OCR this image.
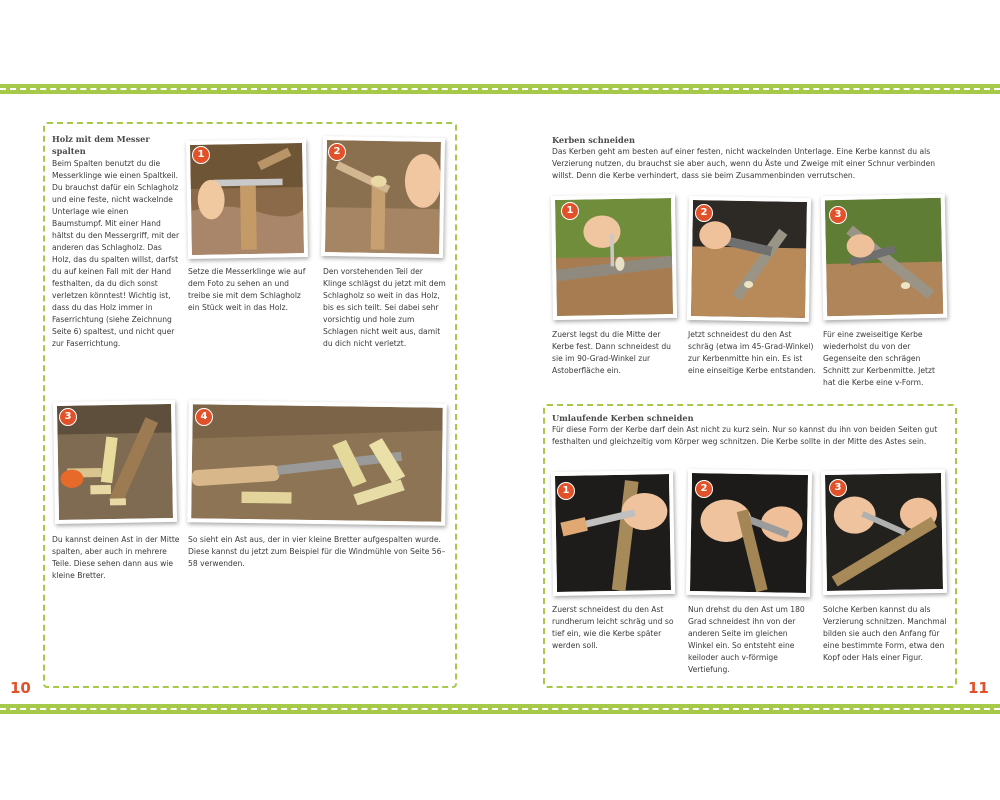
Holz mit dem Messer spalten

Beim Spalten benutzt du die Messerklinge wie einen Spaltkeil. Du brauchst dafür ein Schlagholz und eine feste, nicht wackelnde Unterlage wie einen Baumstumpf. Mit einer Hand hältst du den Messergriff, mit der anderen das Schlagholz. Das Holz, das du spalten willst, darfst du auf keinen Fall mit der Hand festhalten, da du dich sonst verletzen könntest! Wichtig ist, dass du das Holz immer in Faserrichtung (siehe Zeichnung Seite 6) spaltest, und nicht quer zur Faserrichtung.

1

Setze die Messerklinge wie auf dem Foto zu sehen an und treibe sie mit dem Schlagholz ein Stück weit in das Holz.

2

Den vorstehenden Teil der Klinge schlägst du jetzt mit dem Schlagholz so weit in das Holz, bis es sich teilt. Sei dabei sehr vorsichtig und hole zum Schlagen nicht weit aus, damit du dich nicht verletzt.

3

Du kannst deinen Ast in der Mitte spalten, aber auch in mehrere Teile. Diese sehen dann aus wie kleine Bretter.

4

So sieht ein Ast aus, der in vier kleine Bretter aufgespalten wurde. Diese kannst du jetzt zum Beispiel für die Windmühle von Seite 56–58 verwenden.

10
Kerben schneiden

Das Kerben geht am besten auf einer festen, nicht wackelnden Unterlage. Eine Kerbe kannst du als Verzierung nutzen, du brauchst sie aber auch, wenn du Äste und Zweige mit einer Schnur verbinden willst. Denn die Kerbe verhindert, dass sie beim Zusammenbinden verrutschen.

1

Zuerst legst du die Mitte der Kerbe fest. Dann schneidest du sie im 90-Grad-Winkel zur Astoberfläche ein.

2

Jetzt schneidest du den Ast schräg (etwa im 45-Grad-Winkel) zur Kerbenmitte hin ein. Es ist eine einseitige Kerbe entstanden.

3

Für eine zweiseitige Kerbe wiederholst du von der Gegenseite den schrägen Schnitt zur Kerbenmitte. Jetzt hat die Kerbe eine v-Form.

Umlaufende Kerben schneiden

Für diese Form der Kerbe darf dein Ast nicht zu kurz sein. Nur so kannst du ihn von beiden Seiten gut festhalten und gleichzeitig vom Körper weg schnitzen. Die Kerbe sollte in der Mitte des Astes sein.

1

Zuerst schneidest du den Ast rundherum leicht schräg und so tief ein, wie die Kerbe später werden soll.

2

Nun drehst du den Ast um 180 Grad schneidest ihn von der anderen Seite im gleichen Winkel ein. So entsteht eine keiloder auch v-förmige Vertiefung.

3

Solche Kerben kannst du als Verzierung schnitzen. Manchmal bilden sie auch den Anfang für eine bestimmte Form, etwa den Kopf oder Hals einer Figur.

11
